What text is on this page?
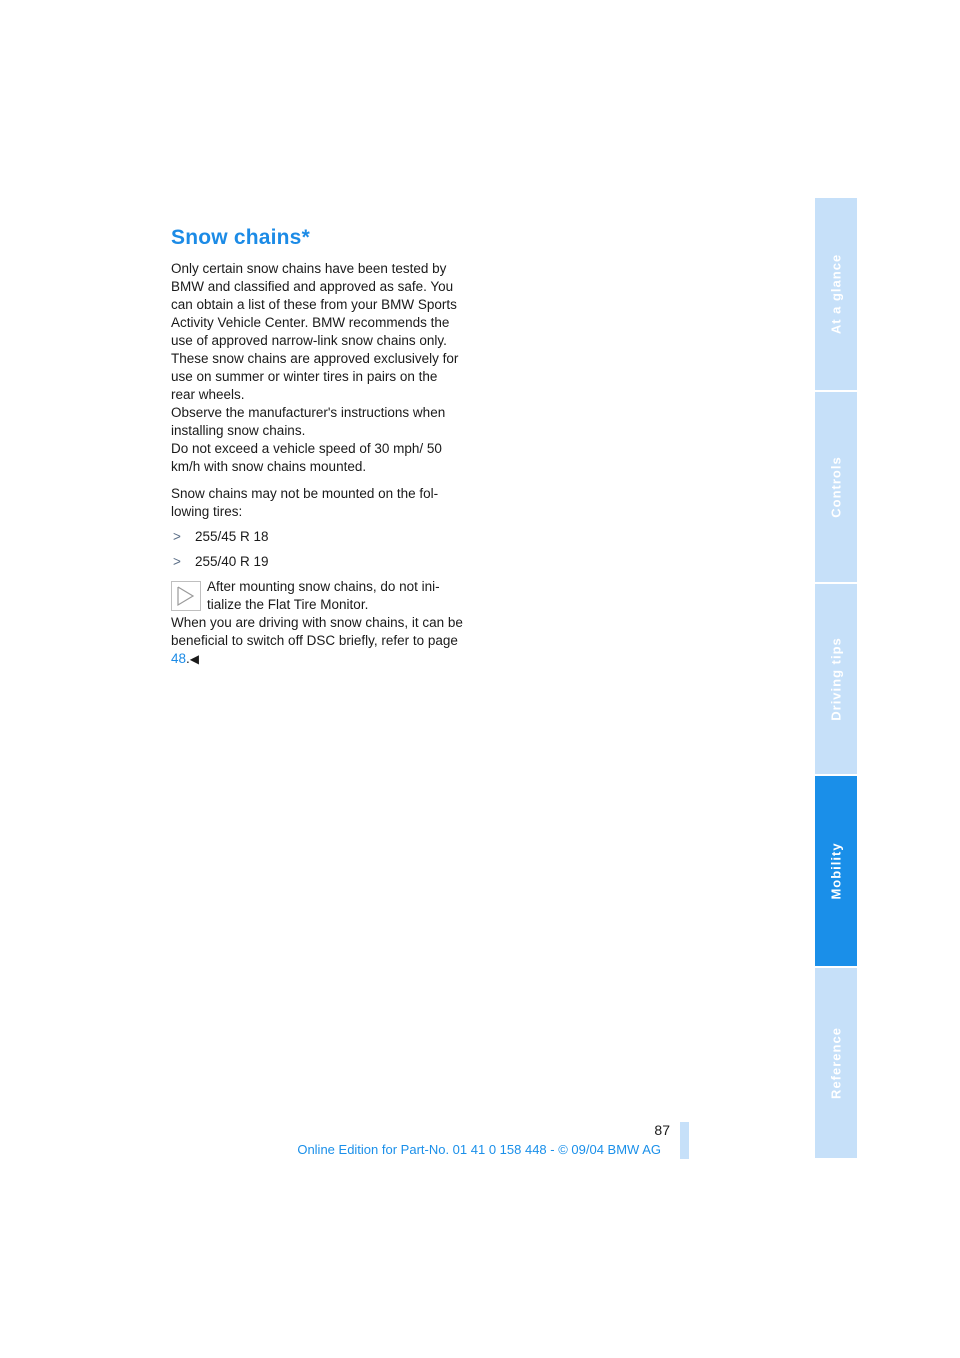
Snow chains*

Only certain snow chains have been tested by BMW and classified and approved as safe. You can obtain a list of these from your BMW Sports Activity Vehicle Center. BMW recommends the use of approved narrow-link snow chains only. These snow chains are approved exclusively for use on summer or winter tires in pairs on the rear wheels.

Observe the manufacturer's instructions when installing snow chains.

Do not exceed a vehicle speed of 30 mph/ 50 km/h with snow chains mounted.

Snow chains may not be mounted on the fol-lowing tires:

> 255/45 R 18
> 255/40 R 19

After mounting snow chains, do not ini-tialize the Flat Tire Monitor.

When you are driving with snow chains, it can be beneficial to switch off DSC briefly, refer to page 48.◀

At a glance
Controls
Driving tips
Mobility
Reference
87
Online Edition for Part-No. 01 41 0 158 448 - © 09/04 BMW AG
